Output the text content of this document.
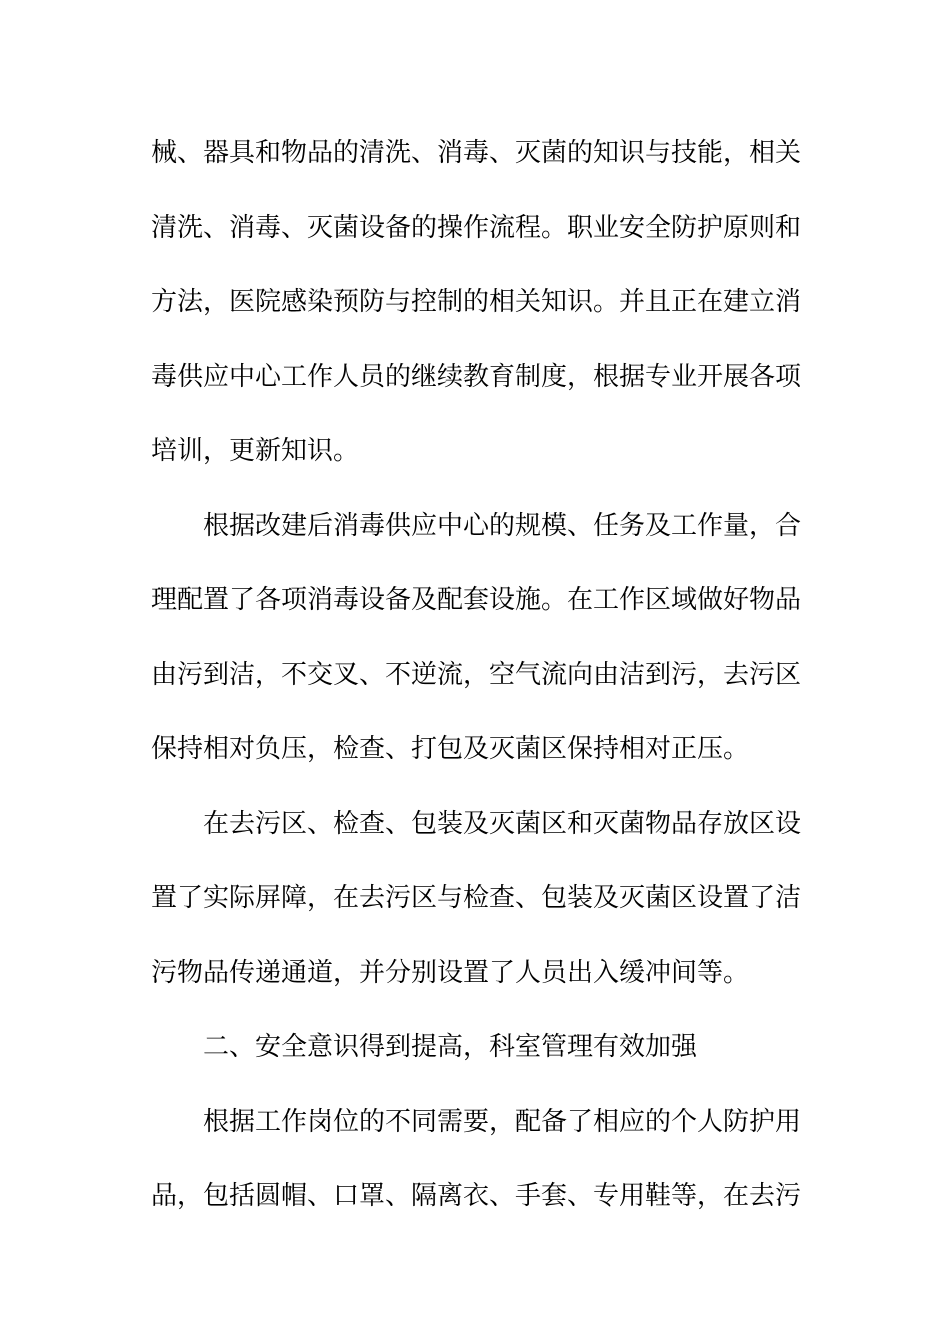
械、器具和物品的清洗、消毒、灭菌的知识与技能，相关
清洗、消毒、灭菌设备的操作流程。职业安全防护原则和
方法，医院感染预防与控制的相关知识。并且正在建立消
毒供应中心工作人员的继续教育制度，根据专业开展各项
培训，更新知识。
根据改建后消毒供应中心的规模、任务及工作量，合
理配置了各项消毒设备及配套设施。在工作区域做好物品
由污到洁，不交叉、不逆流，空气流向由洁到污，去污区
保持相对负压，检查、打包及灭菌区保持相对正压。
在去污区、检查、包装及灭菌区和灭菌物品存放区设
置了实际屏障，在去污区与检查、包装及灭菌区设置了洁
污物品传递通道，并分别设置了人员出入缓冲间等。
二、安全意识得到提高，科室管理有效加强
根据工作岗位的不同需要，配备了相应的个人防护用
品，包括圆帽、口罩、隔离衣、手套、专用鞋等，在去污
